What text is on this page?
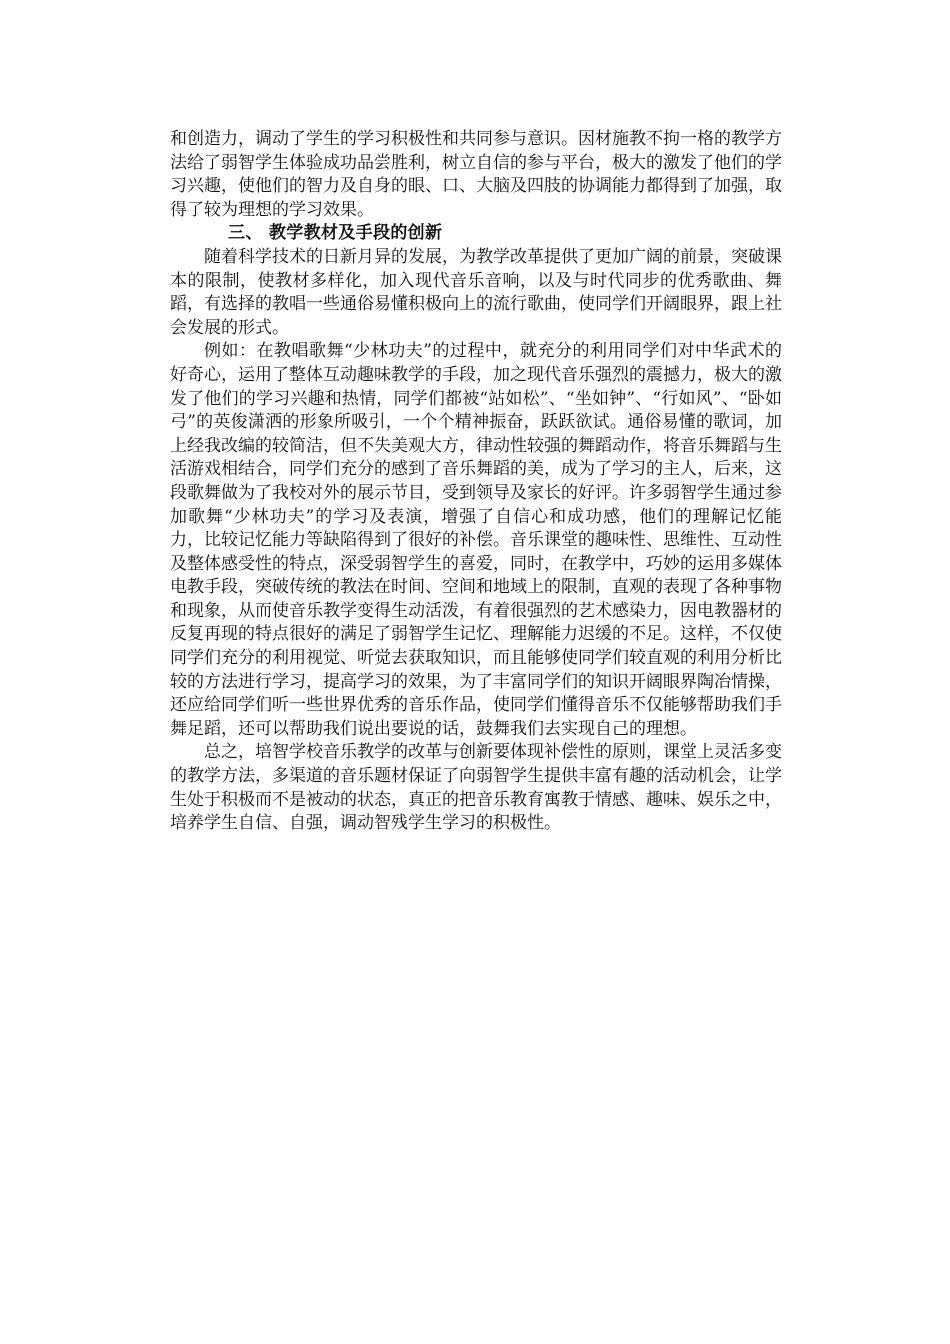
和创造力，调动了学生的学习积极性和共同参与意识。因材施教不拘一格的教学方法给了弱智学生体验成功品尝胜利，树立自信的参与平台，极大的激发了他们的学习兴趣，使他们的智力及自身的眼、口、大脑及四肢的协调能力都得到了加强，取得了较为理想的学习效果。

三、 教学教材及手段的创新

随着科学技术的日新月异的发展，为教学改革提供了更加广阔的前景，突破课本的限制，使教材多样化，加入现代音乐音响，以及与时代同步的优秀歌曲、舞蹈，有选择的教唱一些通俗易懂积极向上的流行歌曲，使同学们开阔眼界，跟上社会发展的形式。

例如：在教唱歌舞“少林功夫”的过程中，就充分的利用同学们对中华武术的好奇心，运用了整体互动趣味教学的手段，加之现代音乐强烈的震撼力，极大的激发了他们的学习兴趣和热情，同学们都被“站如松”、“坐如钟”、“行如风”、“卧如弓”的英俊潇洒的形象所吸引，一个个精神振奋，跃跃欲试。通俗易懂的歌词，加上经我改编的较简洁，但不失美观大方，律动性较强的舞蹈动作，将音乐舞蹈与生活游戏相结合，同学们充分的感到了音乐舞蹈的美，成为了学习的主人，后来，这段歌舞做为了我校对外的展示节目，受到领导及家长的好评。许多弱智学生通过参加歌舞“少林功夫”的学习及表演，增强了自信心和成功感，他们的理解记忆能力，比较记忆能力等缺陷得到了很好的补偿。音乐课堂的趣味性、思维性、互动性及整体感受性的特点，深受弱智学生的喜爱，同时，在教学中，巧妙的运用多媒体电教手段，突破传统的教法在时间、空间和地域上的限制，直观的表现了各种事物和现象，从而使音乐教学变得生动活泼，有着很强烈的艺术感染力，因电教器材的反复再现的特点很好的满足了弱智学生记忆、理解能力迟缓的不足。这样，不仅使同学们充分的利用视觉、听觉去获取知识，而且能够使同学们较直观的利用分析比较的方法进行学习，提高学习的效果，为了丰富同学们的知识开阔眼界陶冶情操，还应给同学们听一些世界优秀的音乐作品，使同学们懂得音乐不仅能够帮助我们手舞足蹈，还可以帮助我们说出要说的话，鼓舞我们去实现自己的理想。

总之，培智学校音乐教学的改革与创新要体现补偿性的原则，课堂上灵活多变的教学方法，多渠道的音乐题材保证了向弱智学生提供丰富有趣的活动机会，让学生处于积极而不是被动的状态，真正的把音乐教育寓教于情感、趣味、娱乐之中，培养学生自信、自强，调动智残学生学习的积极性。
